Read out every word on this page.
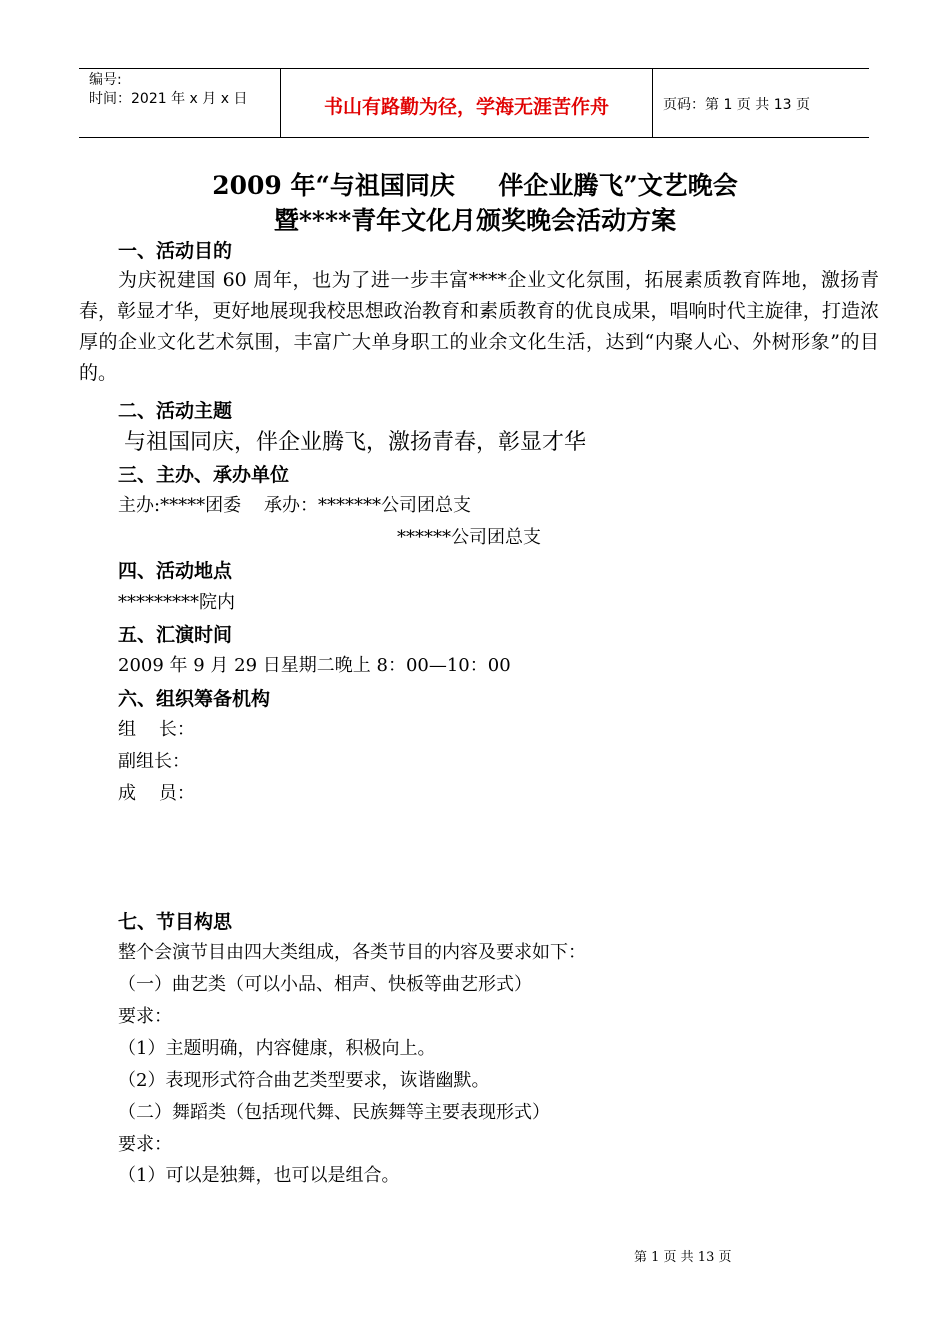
编号:
时间：2021 年 x 月 x 日	书山有路勤为径，学海无涯苦作舟	页码：第 1 页 共 13 页
2009 年“与祖国同庆     伴企业腾飞”文艺晚会
暨****青年文化月颁奖晚会活动方案
一、活动目的
为庆祝建国 60 周年，也为了进一步丰富****企业文化氛围，拓展素质教育阵地，激扬青春，彰显才华，更好地展现我校思想政治教育和素质教育的优良成果，唱响时代主旋律，打造浓厚的企业文化艺术氛围，丰富广大单身职工的业余文化生活，达到“内聚人心、外树形象”的目的。
二、活动主题
与祖国同庆，伴企业腾飞，激扬青春，彰显才华
三、主办、承办单位
主办:*****团委    承办：*******公司团总支
******公司团总支
四、活动地点
*********院内
五、汇演时间
2009 年 9 月 29 日星期二晚上 8：00—10：00
六、组织筹备机构
组    长：
副组长：
成    员：
七、节目构思
整个会演节目由四大类组成，各类节目的内容及要求如下：
（一）曲艺类（可以小品、相声、快板等曲艺形式）
要求：
（1）主题明确，内容健康，积极向上。
（2）表现形式符合曲艺类型要求，诙谐幽默。
（二）舞蹈类（包括现代舞、民族舞等主要表现形式）
要求：
（1）可以是独舞，也可以是组合。
第 1 页 共 13 页
